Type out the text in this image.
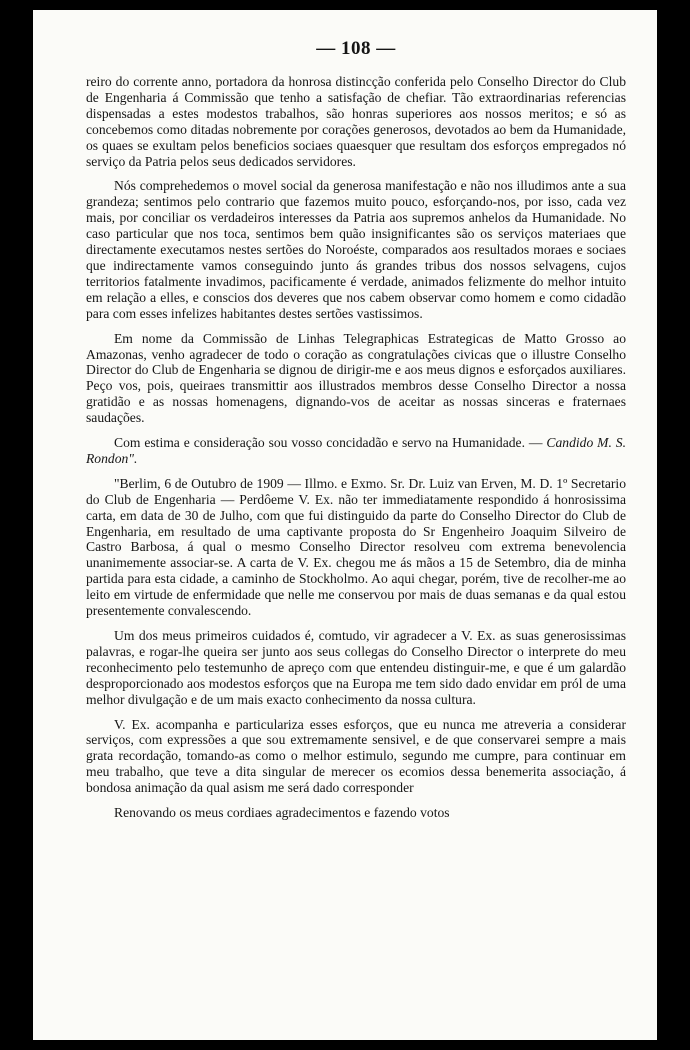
— 108 —

reiro do corrente anno, portadora da honrosa distincção conferida pelo Conselho Director do Club de Engenharia á Commissão que tenho a satisfação de chefiar. Tão extraordinarias referencias dispensadas a estes modestos trabalhos, são honras superiores aos nossos meritos; e só as concebemos como ditadas nobremente por corações generosos, devotados ao bem da Humanidade, os quaes se exultam pelos beneficios sociaes quaesquer que resultam dos esforços empregados nó serviço da Patria pelos seus dedicados servidores.

Nós comprehedemos o movel social da generosa manifestação e não nos illudimos ante a sua grandeza; sentimos pelo contrario que fazemos muito pouco, esforçando-nos, por isso, cada vez mais, por conciliar os verdadeiros interesses da Patria aos supremos anhelos da Humanidade. No caso particular que nos toca, sentimos bem quão insignificantes são os serviços materiaes que directamente executamos nestes sertões do Noroéste, comparados aos resultados moraes e sociaes que indirectamente vamos conseguindo junto ás grandes tribus dos nossos selvagens, cujos territorios fatalmente invadimos, pacificamente é verdade, animados felizmente do melhor intuito em relação a elles, e conscios dos deveres que nos cabem observar como homem e como cidadão para com esses infelizes habitantes destes sertões vastissimos.

Em nome da Commissão de Linhas Telegraphicas Estrategicas de Matto Grosso ao Amazonas, venho agradecer de todo o coração as congratulações civicas que o illustre Conselho Director do Club de Engenharia se dignou de dirigir-me e aos meus dignos e esforçados auxiliares. Peço vos, pois, queiraes transmittir aos illustrados membros desse Conselho Director a nossa gratidão e as nossas homenagens, dignando-vos de aceitar as nossas sinceras e fraternaes saudações.

Com estima e consideração sou vosso concidadão e servo na Humanidade. — Candido M. S. Rondon".

"Berlim, 6 de Outubro de 1909 — Illmo. e Exmo. Sr. Dr. Luiz van Erven, M. D. 1º Secretario do Club de Engenharia — Perdôeme V. Ex. não ter immediatamente respondido á honrosissima carta, em data de 30 de Julho, com que fui distinguido da parte do Conselho Director do Club de Engenharia, em resultado de uma captivante proposta do Sr Engenheiro Joaquim Silveiro de Castro Barbosa, á qual o mesmo Conselho Director resolveu com extrema benevolencia unanimemente associar-se. A carta de V. Ex. chegou me ás mãos a 15 de Setembro, dia de minha partida para esta cidade, a caminho de Stockholmo. Ao aqui chegar, porém, tive de recolher-me ao leito em virtude de enfermidade que nelle me conservou por mais de duas semanas e da qual estou presentemente convalescendo.

Um dos meus primeiros cuidados é, comtudo, vir agradecer a V. Ex. as suas generosissimas palavras, e rogar-lhe queira ser junto aos seus collegas do Conselho Director o interprete do meu reconhecimento pelo testemunho de apreço com que entendeu distinguir-me, e que é um galardão desproporcionado aos modestos esforços que na Europa me tem sido dado envidar em pról de uma melhor divulgação e de um mais exacto conhecimento da nossa cultura.

V. Ex. acompanha e particulariza esses esforços, que eu nunca me atreveria a considerar serviços, com expressões a que sou extremamente sensivel, e de que conservarei sempre a mais grata recordação, tomando-as como o melhor estimulo, segundo me cumpre, para continuar em meu trabalho, que teve a dita singular de merecer os ecomios dessa benemerita associação, á bondosa animação da qual asism me será dado corresponder

Renovando os meus cordiaes agradecimentos e fazendo votos
